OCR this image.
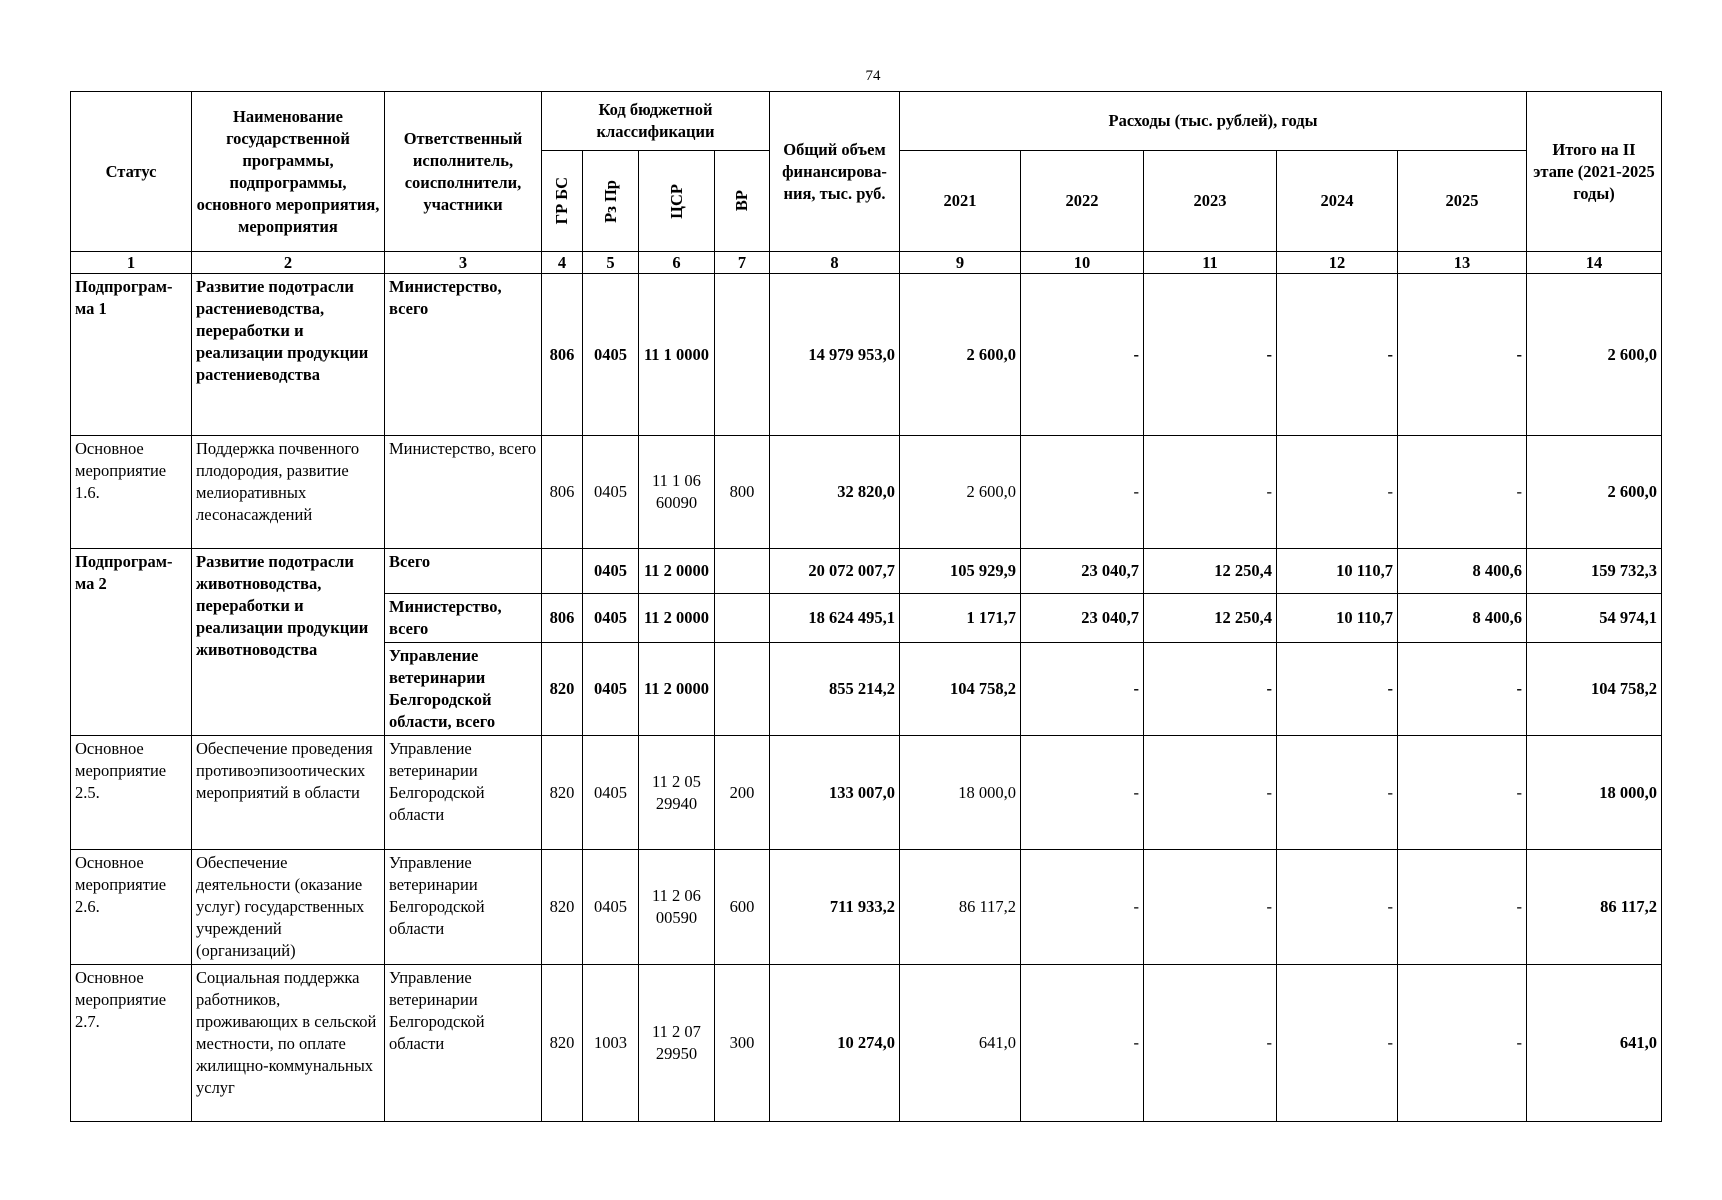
74
Статус	Наименование государственной программы, подпрограммы, основного мероприятия, мероприятия	Ответственный исполнитель, соисполнители, участники	Код бюджетной классификации				Общий объем финансирова-ния, тыс. руб.	Расходы (тыс. рублей), годы					Итого на II этапе (2021-2025 годы)

			ГР БС	Рз Пр	ЦСР	ВР		2021	2022	2023	2024	2025	
1	2	3	4	5	6	7	8	9	10	11	12	13	14
Подпрограм-ма 1	Развитие подотрасли растениеводства, переработки и реализации продукции растениеводства	Министерство, всего	806	0405	11 1 0000		14 979 953,0	2 600,0	-	-	-	-	2 600,0
Основное мероприятие 1.6.	Поддержка почвенного плодородия, развитие мелиоративных лесонасаждений	Министерство, всего	806	0405	11 1 06 60090	800	32 820,0	2 600,0	-	-	-	-	2 600,0
Подпрограм-ма 2	Развитие подотрасли животноводства, переработки и реализации продукции животноводства	Всего		0405	11 2 0000		20 072 007,7	105 929,9	23 040,7	12 250,4	10 110,7	8 400,6	159 732,3
		Министерство, всего	806	0405	11 2 0000		18 624 495,1	1 171,7	23 040,7	12 250,4	10 110,7	8 400,6	54 974,1
		Управление ветеринарии Белгородской области, всего	820	0405	11 2 0000		855 214,2	104 758,2	-	-	-	-	104 758,2
Основное мероприятие 2.5.	Обеспечение проведения противоэпизоотических мероприятий в области	Управление ветеринарии Белгородской области	820	0405	11 2 05 29940	200	133 007,0	18 000,0	-	-	-	-	18 000,0
Основное мероприятие 2.6.	Обеспечение деятельности (оказание услуг) государственных учреждений (организаций)	Управление ветеринарии Белгородской области	820	0405	11 2 06 00590	600	711 933,2	86 117,2	-	-	-	-	86 117,2
Основное мероприятие 2.7.	Социальная поддержка работников, проживающих в сельской местности, по оплате жилищно-коммунальных услуг	Управление ветеринарии Белгородской области	820	1003	11 2 07 29950	300	10 274,0	641,0	-	-	-	-	641,0
